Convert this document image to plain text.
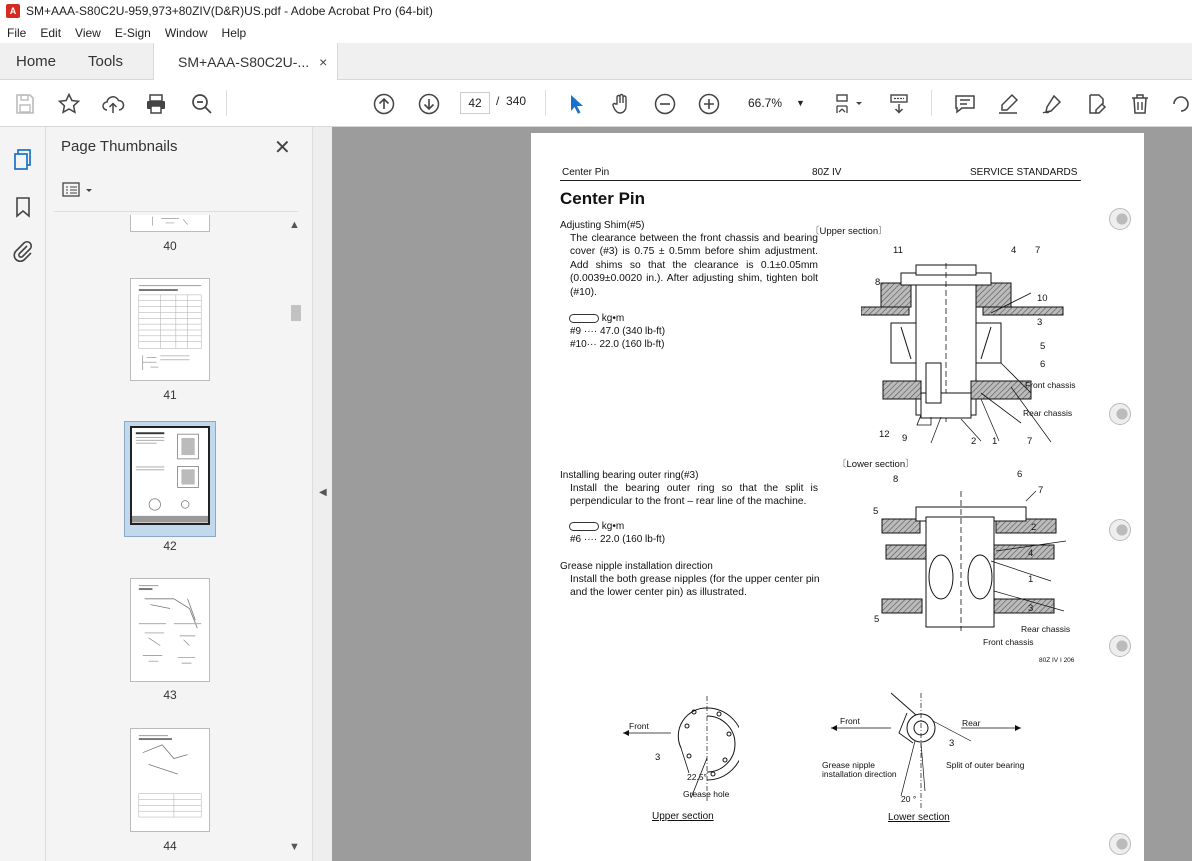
A SM+AAA-S80C2U-959,973+80ZIV(D&R)US.pdf - Adobe Acrobat Pro (64-bit)
File	Edit	View	E-Sign	Window	Help
Home Tools	SM+AAA-S80C2U-... ×
42	/ 340	66.7% ▼
Page Thumbnails	✕
40
41
42
43
44
▲
▼
◀
Center Pin	80Z IV	SERVICE STANDARDS
Center Pin
Adjusting Shim(#5)
The clearance between the front chassis and bearing cover (#3) is 0.75 ± 0.5mm before shim adjustment. Add shims so that the clearance is 0.1±0.05mm (0.0039±0.0020 in.). After adjusting shim, tighten bolt (#10).
kg•m
#9 ···· 47.0 (340 lb-ft)
#10··· 22.0 (160 lb-ft)
Installing bearing outer ring(#3)
Install the bearing outer ring so that the split is perpendicular to the front – rear line of the machine.
kg•m
#6 ···· 22.0 (160 lb-ft)
Grease nipple installation direction
Install the both grease nipples (for the upper center pin and the lower center pin) as illustrated.
〔Upper section〕
11	4 7
8
10
3
5
6
Front chassis
Rear chassis
12 9	2 1	7
〔Lower section〕
8	6
7
5
2
4
1
3
5
Rear chassis
Front chassis
80Z IV I 206
Front
3
22.5°
Grease hole
Upper section
Front	Rear
3
Grease nipple installation direction
Split of outer bearing
20 °
Lower section
